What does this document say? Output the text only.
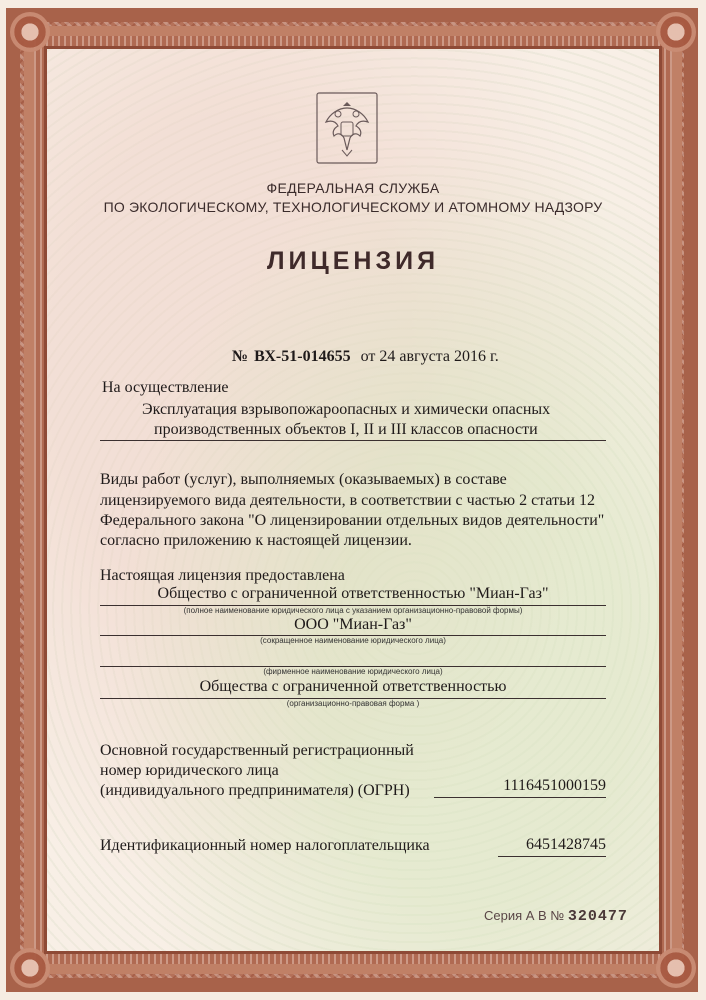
ФЕДЕРАЛЬНАЯ СЛУЖБА

ПО ЭКОЛОГИЧЕСКОМУ, ТЕХНОЛОГИЧЕСКОМУ И АТОМНОМУ НАДЗОРУ

ЛИЦЕНЗИЯ

№ ВХ-51-014655 от 24 августа 2016 г.

На осуществление

Эксплуатация взрывопожароопасных и химически опасных

производственных объектов I, II и III классов опасности

Виды работ (услуг), выполняемых (оказываемых) в составе

лицензируемого вида деятельности, в соответствии с частью 2 статьи 12

Федерального закона "О лицензировании отдельных видов деятельности"

согласно приложению к настоящей лицензии.

Настоящая лицензия предоставлена

Общество с ограниченной ответственностью "Миан-Газ"
(полное наименование юридического лица с указанием организационно-правовой формы)
ООО "Миан-Газ"
(сокращенное наименование юридического лица)
(фирменное наименование юридического лица)
Общества с ограниченной ответственностью
(организационно-правовая форма )

Основной государственный регистрационный

номер юридического лица

(индивидуального предпринимателя) (ОГРН)	1116451000159

Идентификационный номер налогоплательщика	6451428745
Серия А В № 320477
